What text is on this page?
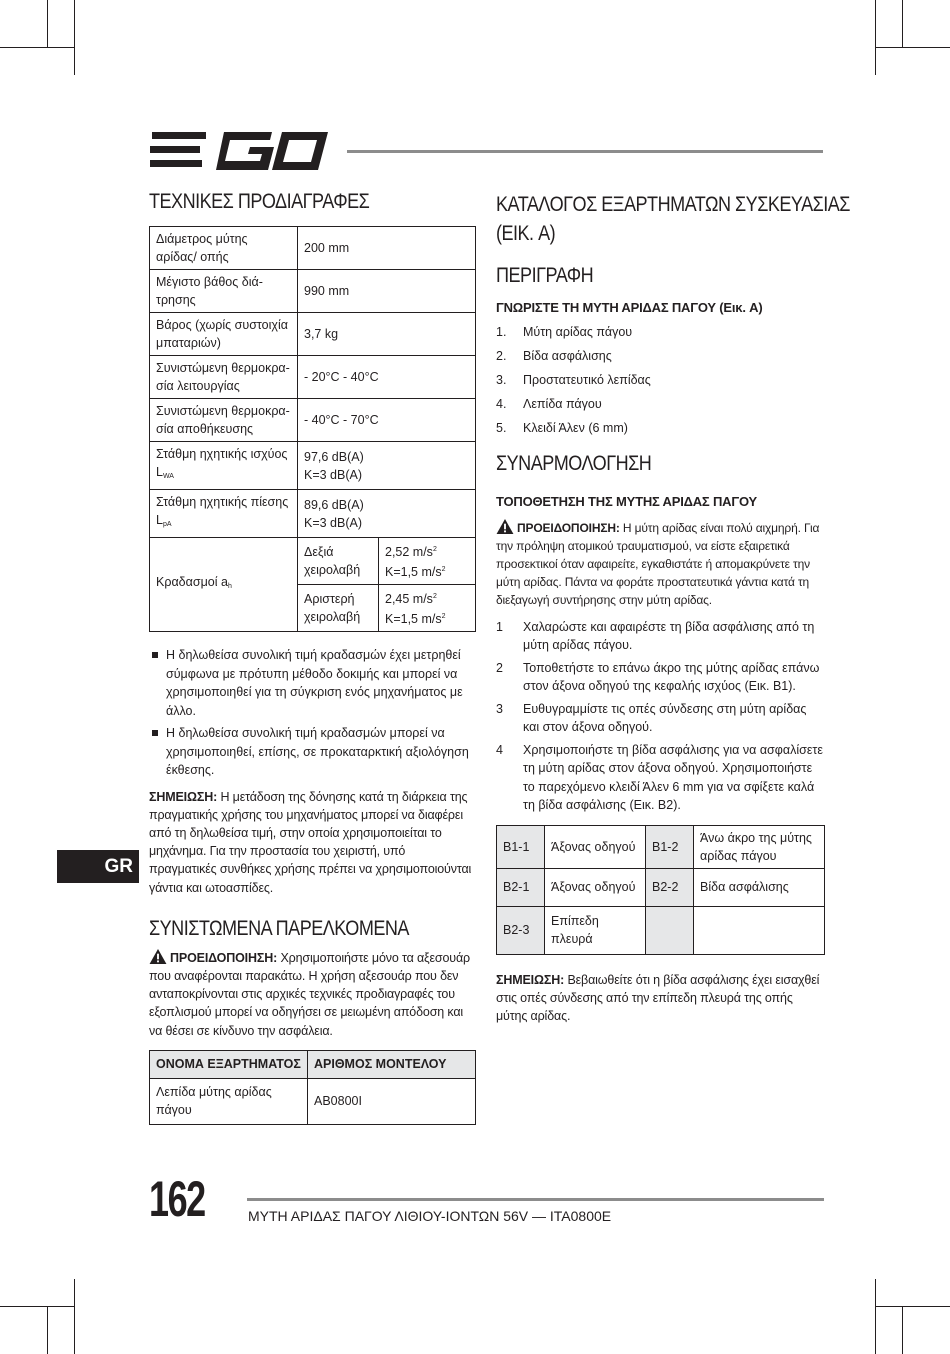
ΤΕΧΝΙΚΕΣ ΠΡΟΔΙΑΓΡΑΦΕΣ
Διάμετρος μύτης αρίδας/ οπής	200 mm	
Μέγιστο βάθος διά- τρησης	990 mm	
Βάρος (χωρίς συστοιχία μπαταριών)	3,7 kg	
Συνιστώμενη θερμοκρα- σία λειτουργίας	- 20°C - 40°C	
Συνιστώμενη θερμοκρα- σία αποθήκευσης	- 40°C - 70°C	
Στάθμη ηχητικής ισχύος $L_{WA}$	97,6 dB(A)
K=3 dB(A)	

Στάθμη ηχητικής πίεσης $L_{pA}$	89,6 dB(A)
K=3 dB(A)	

Κραδασμοί $a_h$	Δεξιά χειρολαβή	2,52 $m/s^2$
K=1,5 $m/s^2$

	Αριστερή χειρολαβή	2,45 $m/s^2$
K=1,5 $m/s^2$
Η δηλωθείσα συνολική τιμή κραδασμών έχει μετρηθεί σύμφωνα με πρότυπη μέθοδο δοκιμής και μπορεί να χρησιμοποιηθεί για τη σύγκριση ενός μηχανήματος με άλλο.
Η δηλωθείσα συνολική τιμή κραδασμών μπορεί να χρησιμοποιηθεί, επίσης, σε προκαταρκτική αξιολόγηση έκθεσης.

ΣΗΜΕΙΩΣΗ: Η μετάδοση της δόνησης κατά τη διάρκεια της πραγματικής χρήσης του μηχανήματος μπορεί να διαφέρει από τη δηλωθείσα τιμή, στην οποία χρησιμοποιείται το μηχάνημα. Για την προστασία του χειριστή, υπό πραγματικές συνθήκες χρήσης πρέπει να χρησιμοποιούνται γάντια και ωτοασπίδες.

ΣΥΝΙΣΤΩΜΕΝΑ ΠΑΡΕΛΚΟΜΕΝΑ

ΠΡΟΕΙΔΟΠΟΙΗΣΗ: Χρησιμοποιήστε μόνο τα αξεσουάρ που αναφέρονται παρακάτω. Η χρήση αξεσουάρ που δεν ανταποκρίνονται στις αρχικές τεχνικές προδιαγραφές του εξοπλισμού μπορεί να οδηγήσει σε μειωμένη απόδοση και να θέσει σε κίνδυνο την ασφάλεια.

ΟΝΟΜΑ ΕΞΑΡΤΗΜΑΤΟΣ	ΑΡΙΘΜΟΣ ΜΟΝΤΕΛΟΥ
Λεπίδα μύτης αρίδας πάγου	AB0800I
ΚΑΤΑΛΟΓΟΣ ΕΞΑΡΤΗΜΑΤΩΝ ΣΥΣΚΕΥΑΣΙΑΣ
(ΕΙΚ. A)
ΠΕΡΙΓΡΑΦΗ
ΓΝΩΡΙΣΤΕ ΤΗ ΜΥΤΗ ΑΡΙΔΑΣ ΠΑΓΟΥ (Εικ. A)
1.	Μύτη αρίδας πάγου
2.	Βίδα ασφάλισης
3.	Προστατευτικό λεπίδας
4.	Λεπίδα πάγου
5.	Κλειδί Άλεν (6 mm)
ΣΥΝΑΡΜΟΛΟΓΗΣΗ
ΤΟΠΟΘΕΤΗΣΗ ΤΗΣ ΜΥΤΗΣ ΑΡΙΔΑΣ ΠΑΓΟΥ

ΠΡΟΕΙΔΟΠΟΙΗΣΗ: Η μύτη αρίδας είναι πολύ αιχμηρή. Για την πρόληψη ατομικού τραυματισμού, να είστε εξαιρετικά προσεκτικοί όταν αφαιρείτε, εγκαθιστάτε ή απομακρύνετε την μύτη αρίδας. Πάντα να φοράτε προστατευτικά γάντια κατά τη διεξαγωγή συντήρησης στην μύτη αρίδας.

1	Χαλαρώστε και αφαιρέστε τη βίδα ασφάλισης από τη μύτη αρίδας πάγου.
2	Τοποθετήστε το επάνω άκρο της μύτης αρίδας επάνω στον άξονα οδηγού της κεφαλής ισχύος (Εικ. B1).
3	Ευθυγραμμίστε τις οπές σύνδεσης στη μύτη αρίδας και στον άξονα οδηγού.
4	Χρησιμοποιήστε τη βίδα ασφάλισης για να ασφαλίσετε τη μύτη αρίδας στον άξονα οδηγού. Χρησιμοποιήστε το παρεχόμενο κλειδί Άλεν 6 mm για να σφίξετε καλά τη βίδα ασφάλισης (Εικ. B2).
B1-1	Άξονας οδηγού	B1-2	Άνω άκρο της μύτης αρίδας πάγου
B2-1	Άξονας οδηγού	B2-2	Βίδα ασφάλισης
B2-3	Επίπεδη πλευρά		

ΣΗΜΕΙΩΣΗ: Βεβαιωθείτε ότι η βίδα ασφάλισης έχει εισαχθεί στις οπές σύνδεσης από την επίπεδη πλευρά της οπής μύτης αρίδας.

GR
162	ΜΥΤΗ ΑΡΙΔΑΣ ΠΑΓΟΥ ΛΙΘΙΟΥ-ΙΟΝΤΩΝ 56V — ITA0800E
